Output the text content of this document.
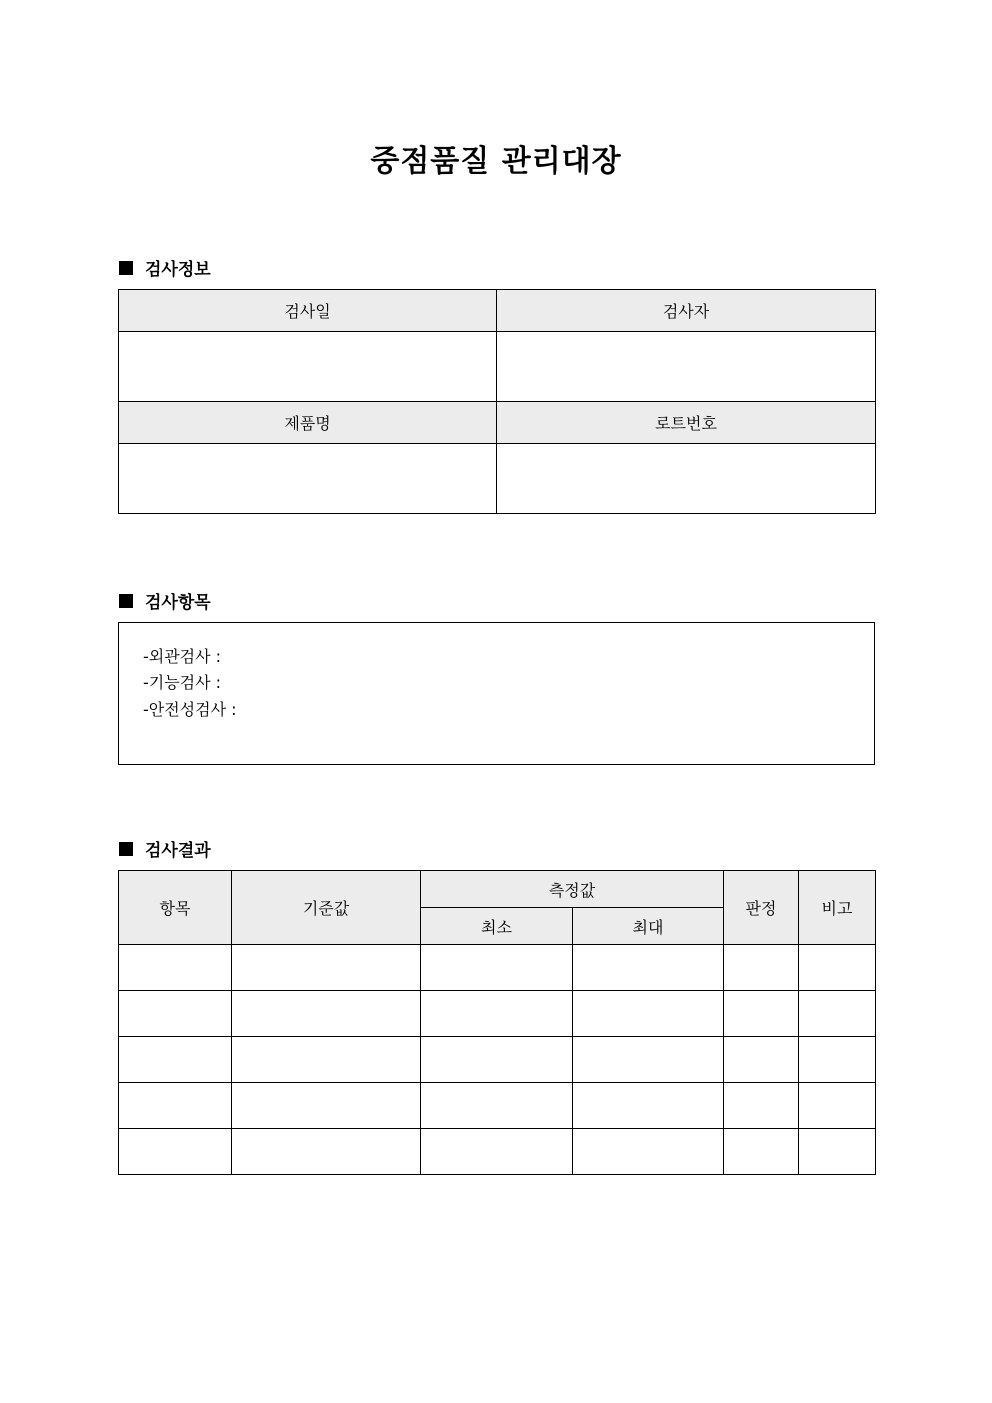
중점품질 관리대장
검사정보
검사일	검사자

제품명	로트번호

검사항목
-외관검사 :
-기능검사 :
-안전성검사 :
검사결과
항목	기준값	측정값		판정	비고
		최소	최대		
